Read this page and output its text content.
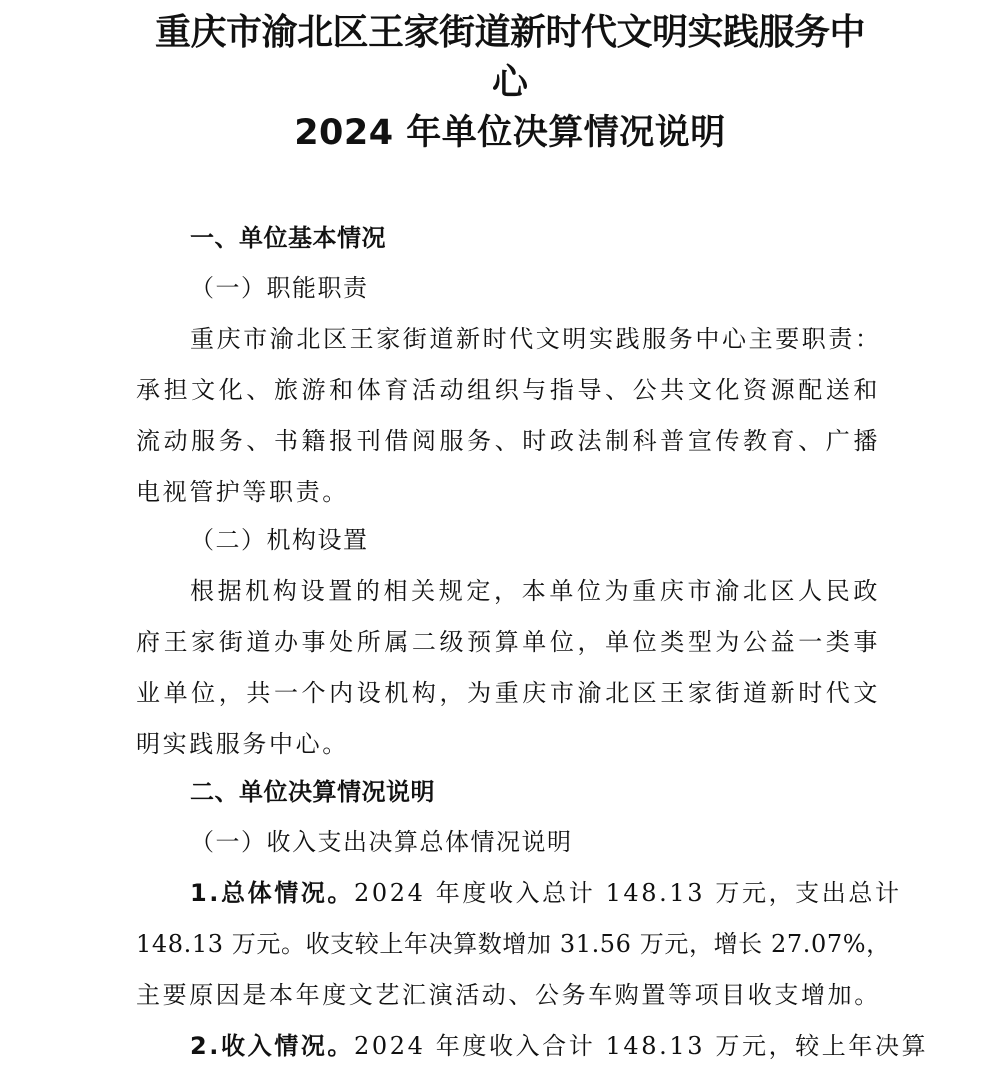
重庆市渝北区王家街道新时代文明实践服务中
心
2024 年单位决算情况说明
一、单位基本情况
（一）职能职责
重庆市渝北区王家街道新时代文明实践服务中心主要职责：
承担文化、旅游和体育活动组织与指导、公共文化资源配送和
流动服务、书籍报刊借阅服务、时政法制科普宣传教育、广播
电视管护等职责。
（二）机构设置
根据机构设置的相关规定，本单位为重庆市渝北区人民政
府王家街道办事处所属二级预算单位，单位类型为公益一类事
业单位，共一个内设机构，为重庆市渝北区王家街道新时代文
明实践服务中心。
二、单位决算情况说明
（一）收入支出决算总体情况说明
1.总体情况。2024 年度收入总计 148.13 万元，支出总计
148.13 万元。收支较上年决算数增加 31.56 万元，增长 27.07%，
主要原因是本年度文艺汇演活动、公务车购置等项目收支增加。
2.收入情况。2024 年度收入合计 148.13 万元，较上年决算
